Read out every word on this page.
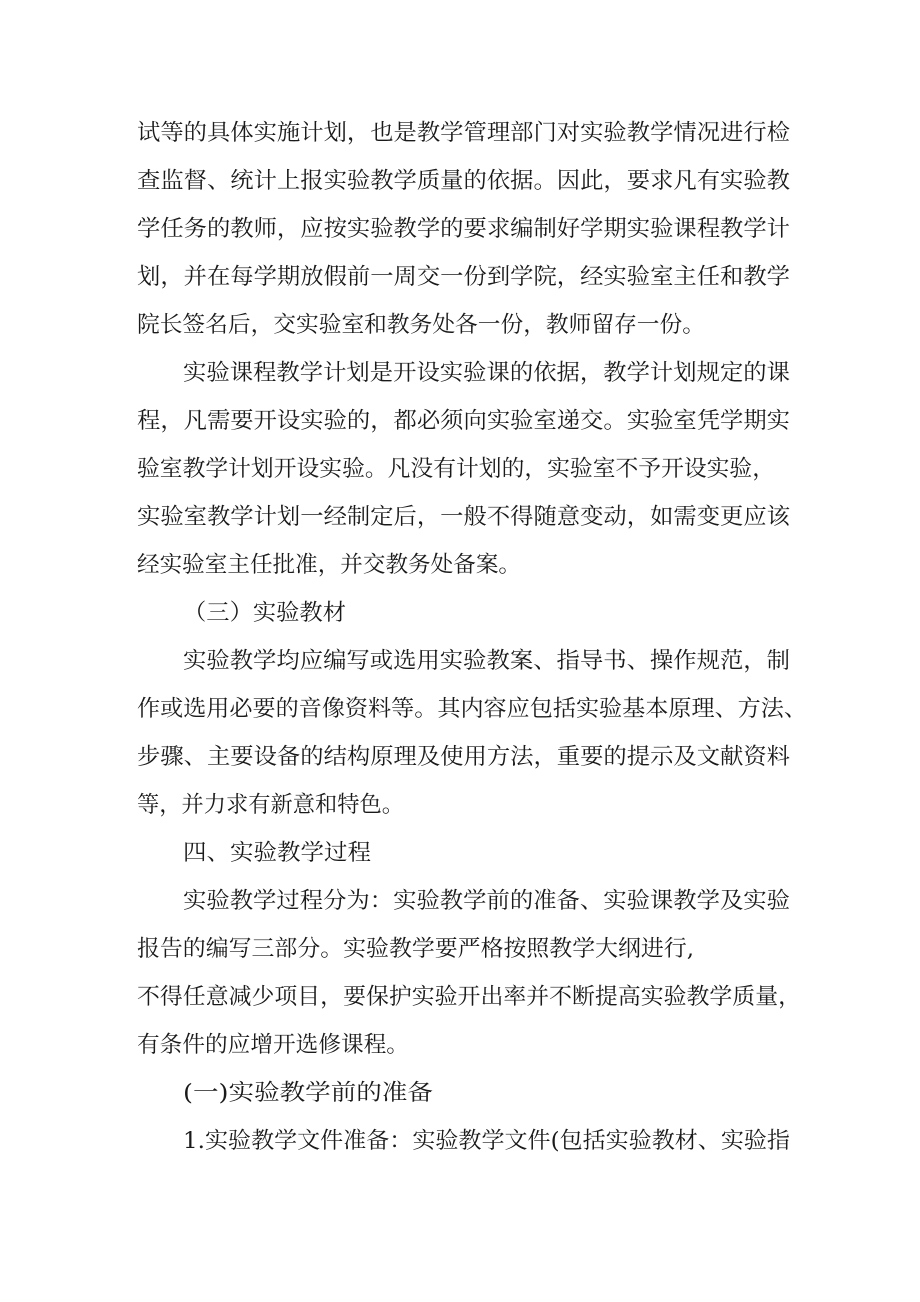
试等的具体实施计划，也是教学管理部门对实验教学情况进行检
查监督、统计上报实验教学质量的依据。因此，要求凡有实验教
学任务的教师，应按实验教学的要求编制好学期实验课程教学计
划，并在每学期放假前一周交一份到学院，经实验室主任和教学
院长签名后，交实验室和教务处各一份，教师留存一份。
实验课程教学计划是开设实验课的依据，教学计划规定的课
程，凡需要开设实验的，都必须向实验室递交。实验室凭学期实
验室教学计划开设实验。凡没有计划的，实验室不予开设实验，
实验室教学计划一经制定后，一般不得随意变动，如需变更应该
经实验室主任批准，并交教务处备案。
（三）实验教材
实验教学均应编写或选用实验教案、指导书、操作规范，制
作或选用必要的音像资料等。其内容应包括实验基本原理、方法、
步骤、主要设备的结构原理及使用方法，重要的提示及文献资料
等，并力求有新意和特色。
四、实验教学过程
实验教学过程分为：实验教学前的准备、实验课教学及实验
报告的编写三部分。实验教学要严格按照教学大纲进行,
不得任意减少项目，要保护实验开出率并不断提高实验教学质量，
有条件的应增开选修课程。
(一)实验教学前的准备
1.实验教学文件准备：实验教学文件(包括实验教材、实验指
